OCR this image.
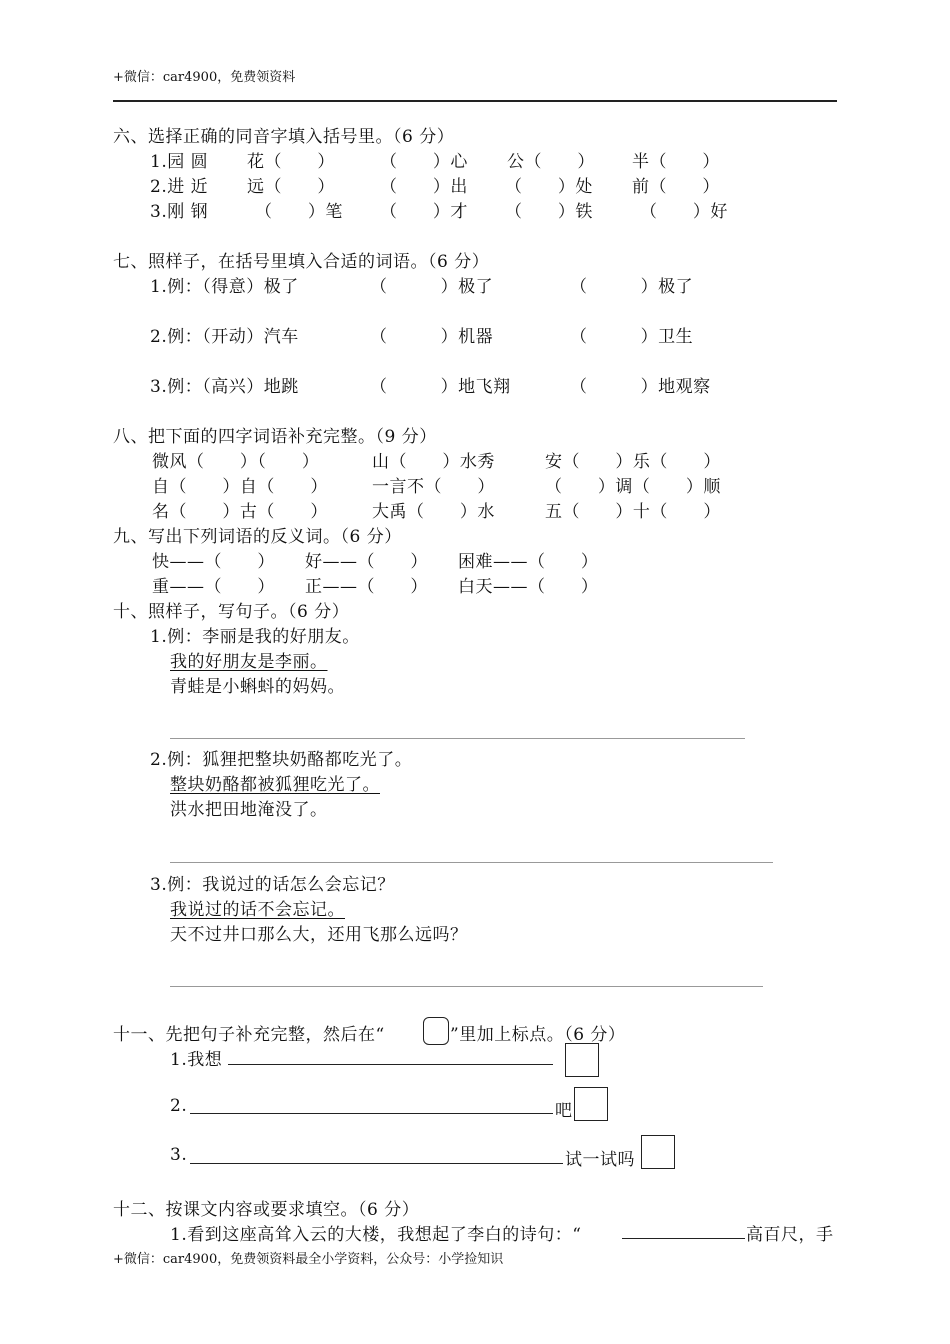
+微信：car4900，免费领资料
六、选择正确的同音字填入括号里。（6 分）
1.园 圆 花（      ）	（      ）心 公（      ） 半（      ）
2.进 近 远（      ）	（      ）出 （      ）处 前（      ）
3.刚 钢	（      ）笔 （      ）才 （      ）铁	（      ）好
七、照样子，在括号里填入合适的词语。（6 分）
1.例：（得意）极了	（         ）极了	（         ）极了
2.例：（开动）汽车	（         ）机器	（         ）卫生
3.例：（高兴）地跳	（         ）地飞翔	（         ）地观察
八、把下面的四字词语补充完整。（9 分）
微风（      ）（      ）	山（      ）水秀	安（      ）乐（      ）
自（      ）自（      ）	一言不（      ）	（      ）调（      ）顺
名（      ）古（      ）	大禹（      ）水	五（      ）十（      ）
九、写出下列词语的反义词。（6 分）
快——（      ） 好——（      ） 困难——（      ）
重——（      ） 正——（      ） 白天——（      ）
十、照样子，写句子。（6 分）
1.例：李丽是我的好朋友。
我的好朋友是李丽。
青蛙是小蝌蚪的妈妈。
2.例：狐狸把整块奶酪都吃光了。
整块奶酪都被狐狸吃光了。
洪水把田地淹没了。
3.例：我说过的话怎么会忘记？
我说过的话不会忘记。
天不过井口那么大，还用飞那么远吗？
十一、先把句子补充完整，然后在“	”里加上标点。（6 分）
1.我想
2.	吧
3.	试一试吗
十二、按课文内容或要求填空。（6 分）
1.看到这座高耸入云的大楼，我想起了李白的诗句：“	高百尺，手
+微信：car4900，免费领资料最全小学资料，公众号：小学捡知识
